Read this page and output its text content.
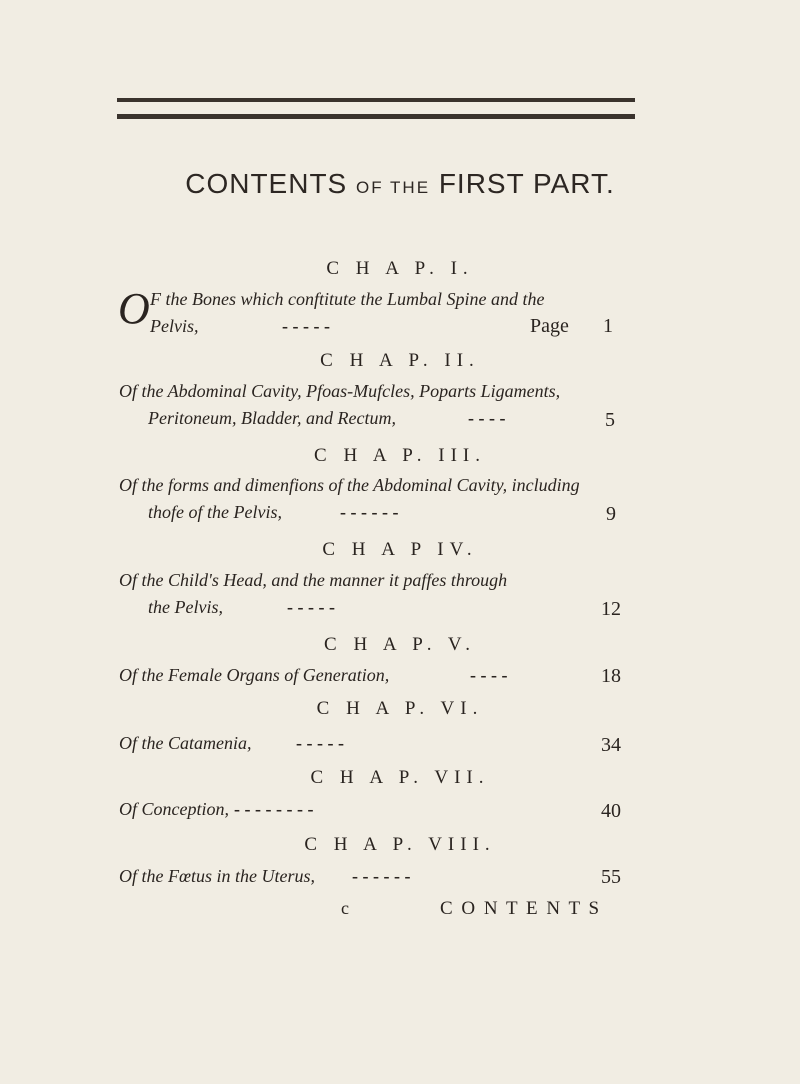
CONTENTS OF THE FIRST PART.
C H A P. I.
O F the Bones which conftitute the Lumbal Spine and the
Pelvis,	- - - - -	Page 1
C H A P. II.
Of the Abdominal Cavity, Pfoas-Mufcles, Poparts Ligaments,
Peritoneum, Bladder, and Rectum,	- - - -	5
C H A P. III.
Of the forms and dimenfions of the Abdominal Cavity, including
thofe of the Pelvis,	- - - - - -	9
C H A P IV.
Of the Child's Head, and the manner it paffes through
the Pelvis,	- - - - -	12
C H A P. V.
Of the Female Organs of Generation,	- - - -	18
C H A P. VI.
Of the Catamenia, - - - - -	34
C H A P. VII.
Of Conception, - - - - - - - -	40
C H A P. VIII.
Of the Fœtus in the Uterus, - - - - - -	55
c	C O N T E N T S
